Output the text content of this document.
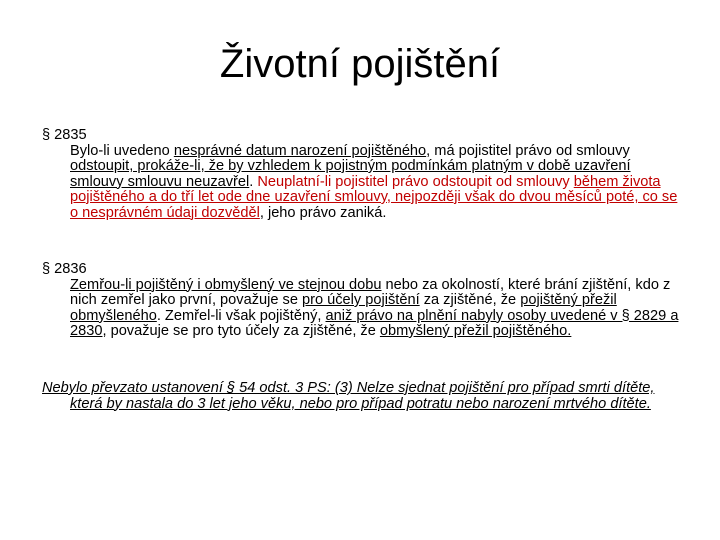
Životní pojištění
§ 2835
Bylo-li uvedeno nesprávné datum narození pojištěného, má pojistitel právo od smlouvy odstoupit, prokáže-li, že by vzhledem k pojistným podmínkám platným v době uzavření smlouvy smlouvu neuzavřel. Neuplatní-li pojistitel právo odstoupit od smlouvy během života pojištěného a do tří let ode dne uzavření smlouvy, nejpozději však do dvou měsíců poté, co se o nesprávném údaji dozvěděl, jeho právo zaniká.
§ 2836
Zemřou-li pojištěný i obmyšlený ve stejnou dobu nebo za okolností, které brání zjištění, kdo z nich zemřel jako první, považuje se pro účely pojištění za zjištěné, že pojištěný přežil obmyšleného. Zemřel-li však pojištěný, aniž právo na plnění nabyly osoby uvedené v § 2829 a 2830, považuje se pro tyto účely za zjištěné, že obmyšlený přežil pojištěného.
Nebylo převzato ustanovení § 54 odst. 3 PS: (3) Nelze sjednat pojištění pro případ smrti dítěte, která by nastala do 3 let jeho věku, nebo pro případ potratu nebo narození mrtvého dítěte.
